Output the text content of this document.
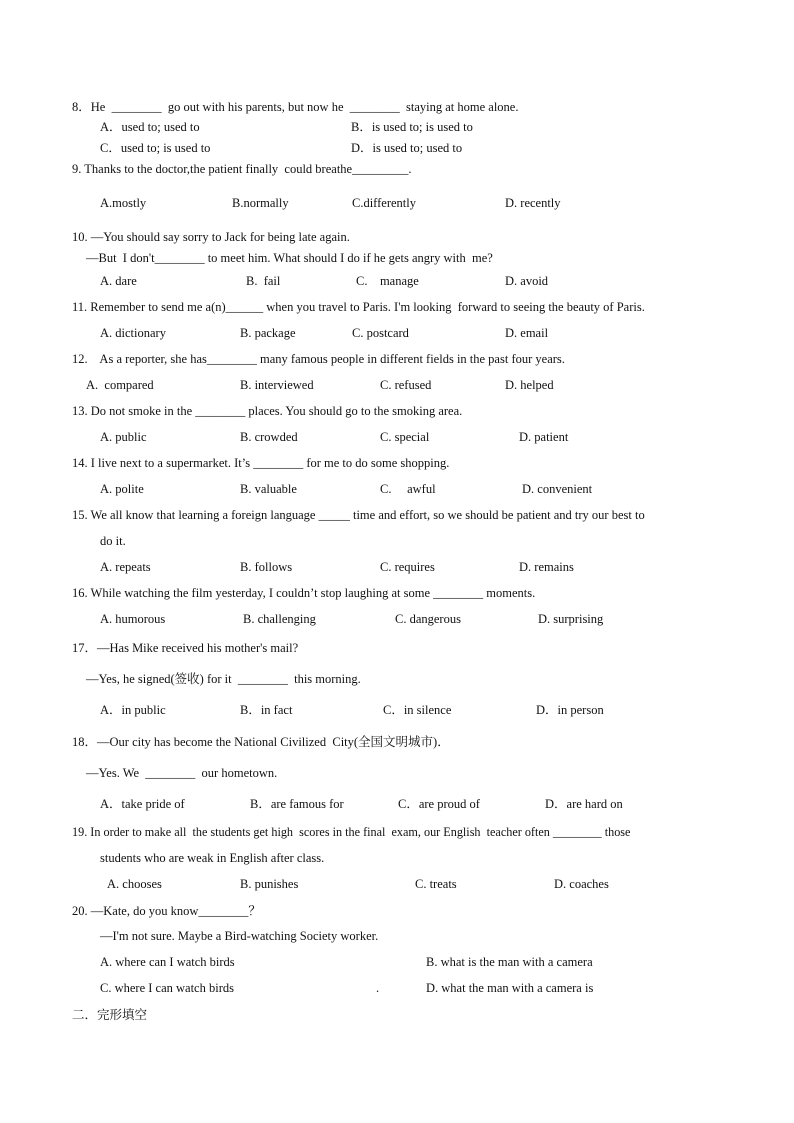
8．He  ________  go out with his parents, but now he  ________  staying at home alone.
A．used to; used to	B．is used to; is used to
C．used to; is used to	D．is used to; used to
9. Thanks to the doctor,the patient finally  could breathe_________.
A.mostly	B.normally	C.differently	D. recently
10. —You should say sorry to Jack for being late again.
—But  I don't________ to meet him. What should I do if he gets angry with  me?
A. dare	B.  fail	C.    manage	D. avoid
11. Remember to send me a(n)______ when you travel to Paris. I'm looking  forward to seeing the beauty of Paris.
A. dictionary	B. package	C. postcard	D. email
12.    As a reporter, she has________ many famous people in different fields in the past four years.
A.  compared	B. interviewed	C. refused	D. helped
13. Do not smoke in the ________ places. You should go to the smoking area.
A. public	B. crowded	C. special	D. patient
14. I live next to a supermarket. It’s ________ for me to do some shopping.
A. polite	B. valuable	C.     awful	D. convenient
15. We all know that learning a foreign language _____ time and effort, so we should be patient and try our best to
do it.
A. repeats	B. follows	C. requires	D. remains
16. While watching the film yesterday, I couldn’t stop laughing at some ________ moments.
A. humorous	B. challenging	C. dangerous	D. surprising
17．—Has Mike received his mother's mail?
—Yes, he signed(签收) for it  ________  this morning.
A．in public	B．in fact	C．in silence	D．in person
18．—Our city has become the National Civilized  City(全国文明城市)．
—Yes. We  ________  our hometown.
A．take pride of	B．are famous for	C．are proud of	D．are hard on
19. In order to make all  the students get high  scores in the final  exam, our English  teacher often ________ those
students who are weak in English after class.
A. chooses	B. punishes	C. treats	D. coaches
20. —Kate, do you know________？
—I'm not sure. Maybe a Bird-watching Society worker.
A. where can I watch birds	B. what is the man with a camera
C. where I can watch birds	.	D. what the man with a camera is
二．完形填空
